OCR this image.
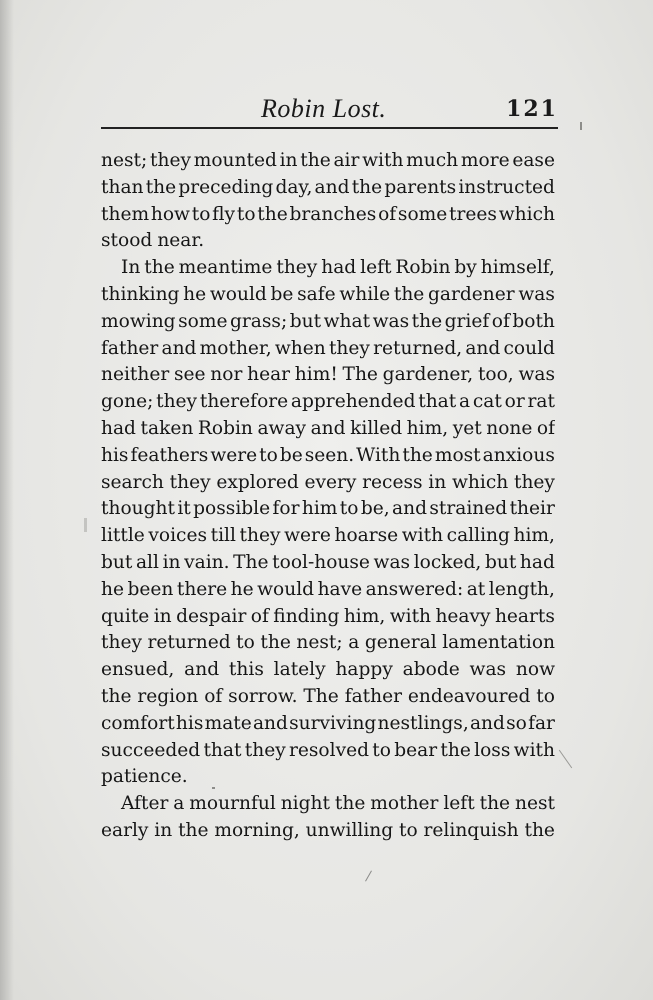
Robin Lost.	121
nest; they mounted in the air with much more ease
than the preceding day, and the parents instructed
them how to fly to the branches of some trees which
stood near.
In the meantime they had left Robin by himself,
thinking he would be safe while the gardener was
mowing some grass; but what was the grief of both
father and mother, when they returned, and could
neither see nor hear him! The gardener, too, was
gone; they therefore apprehended that a cat or rat
had taken Robin away and killed him, yet none of
his feathers were to be seen. With the most anxious
search they explored every recess in which they
thought it possible for him to be, and strained their
little voices till they were hoarse with calling him,
but all in vain. The tool-house was locked, but had
he been there he would have answered: at length,
quite in despair of finding him, with heavy hearts
they returned to the nest; a general lamentation
ensued, and this lately happy abode was now
the region of sorrow. The father endeavoured to
comfort his mate and surviving nestlings, and so far
succeeded that they resolved to bear the loss with
patience.
After a mournful night the mother left the nest
early in the morning, unwilling to relinquish the
